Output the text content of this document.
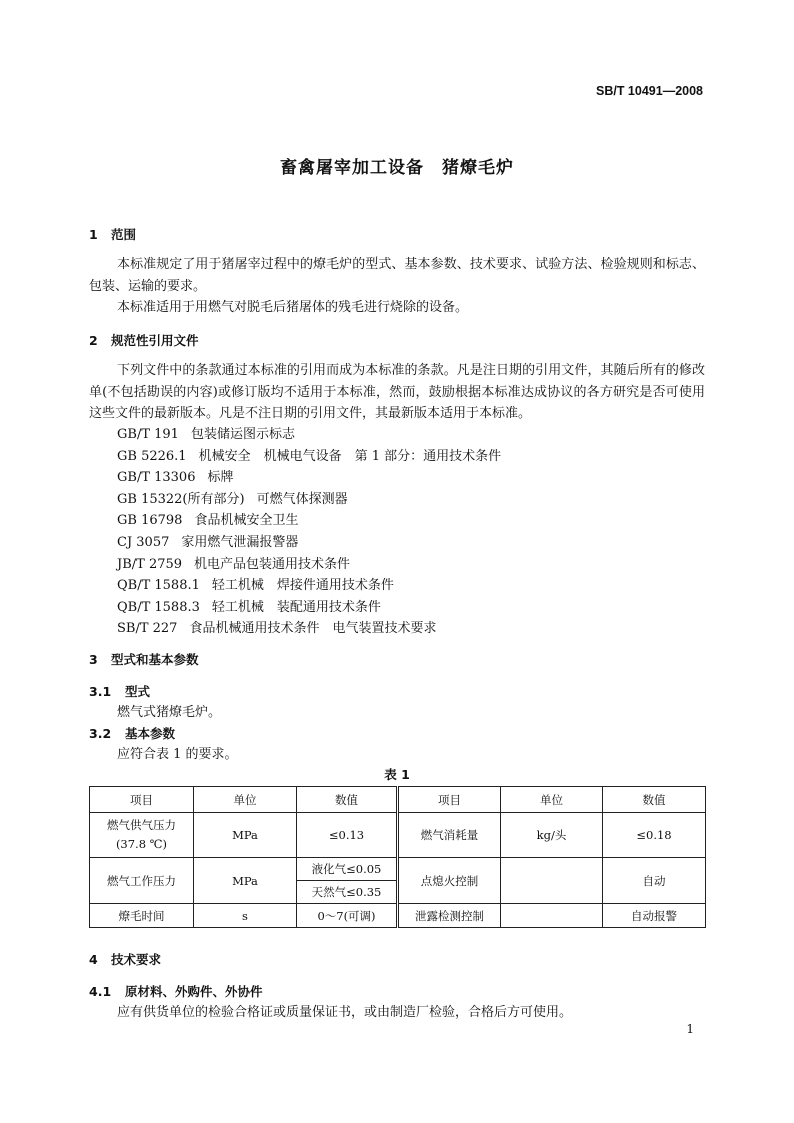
SB/T 10491—2008
畜禽屠宰加工设备　猪燎毛炉
1 范围
本标准规定了用于猪屠宰过程中的燎毛炉的型式、基本参数、技术要求、试验方法、检验规则和标志、包装、运输的要求。
本标准适用于用燃气对脱毛后猪屠体的残毛进行烧除的设备。
2 规范性引用文件
下列文件中的条款通过本标准的引用而成为本标准的条款。凡是注日期的引用文件，其随后所有的修改单(不包括勘误的内容)或修订版均不适用于本标准，然而，鼓励根据本标准达成协议的各方研究是否可使用这些文件的最新版本。凡是不注日期的引用文件，其最新版本适用于本标准。
GB/T 191 包装储运图示标志
GB 5226.1 机械安全　机械电气设备　第 1 部分：通用技术条件
GB/T 13306 标牌
GB 15322(所有部分) 可燃气体探测器
GB 16798 食品机械安全卫生
CJ 3057 家用燃气泄漏报警器
JB/T 2759 机电产品包装通用技术条件
QB/T 1588.1 轻工机械　焊接件通用技术条件
QB/T 1588.3 轻工机械　装配通用技术条件
SB/T 227 食品机械通用技术条件　电气装置技术要求
3 型式和基本参数
3.1 型式
燃气式猪燎毛炉。
3.2 基本参数
应符合表 1 的要求。
表 1
项目	单位	数值	项目	单位	数值

燃气供气压力
(37.8 ℃)	MPa	≤0.13	燃气消耗量	kg/头	≤0.18
燃气工作压力	MPa	液化气≤0.05	点熄火控制		自动
		天然气≤0.35			
燎毛时间	s	0～7(可调)	泄露检测控制		自动报警
4 技术要求
4.1 原材料、外购件、外协件
应有供货单位的检验合格证或质量保证书，或由制造厂检验，合格后方可使用。
1
